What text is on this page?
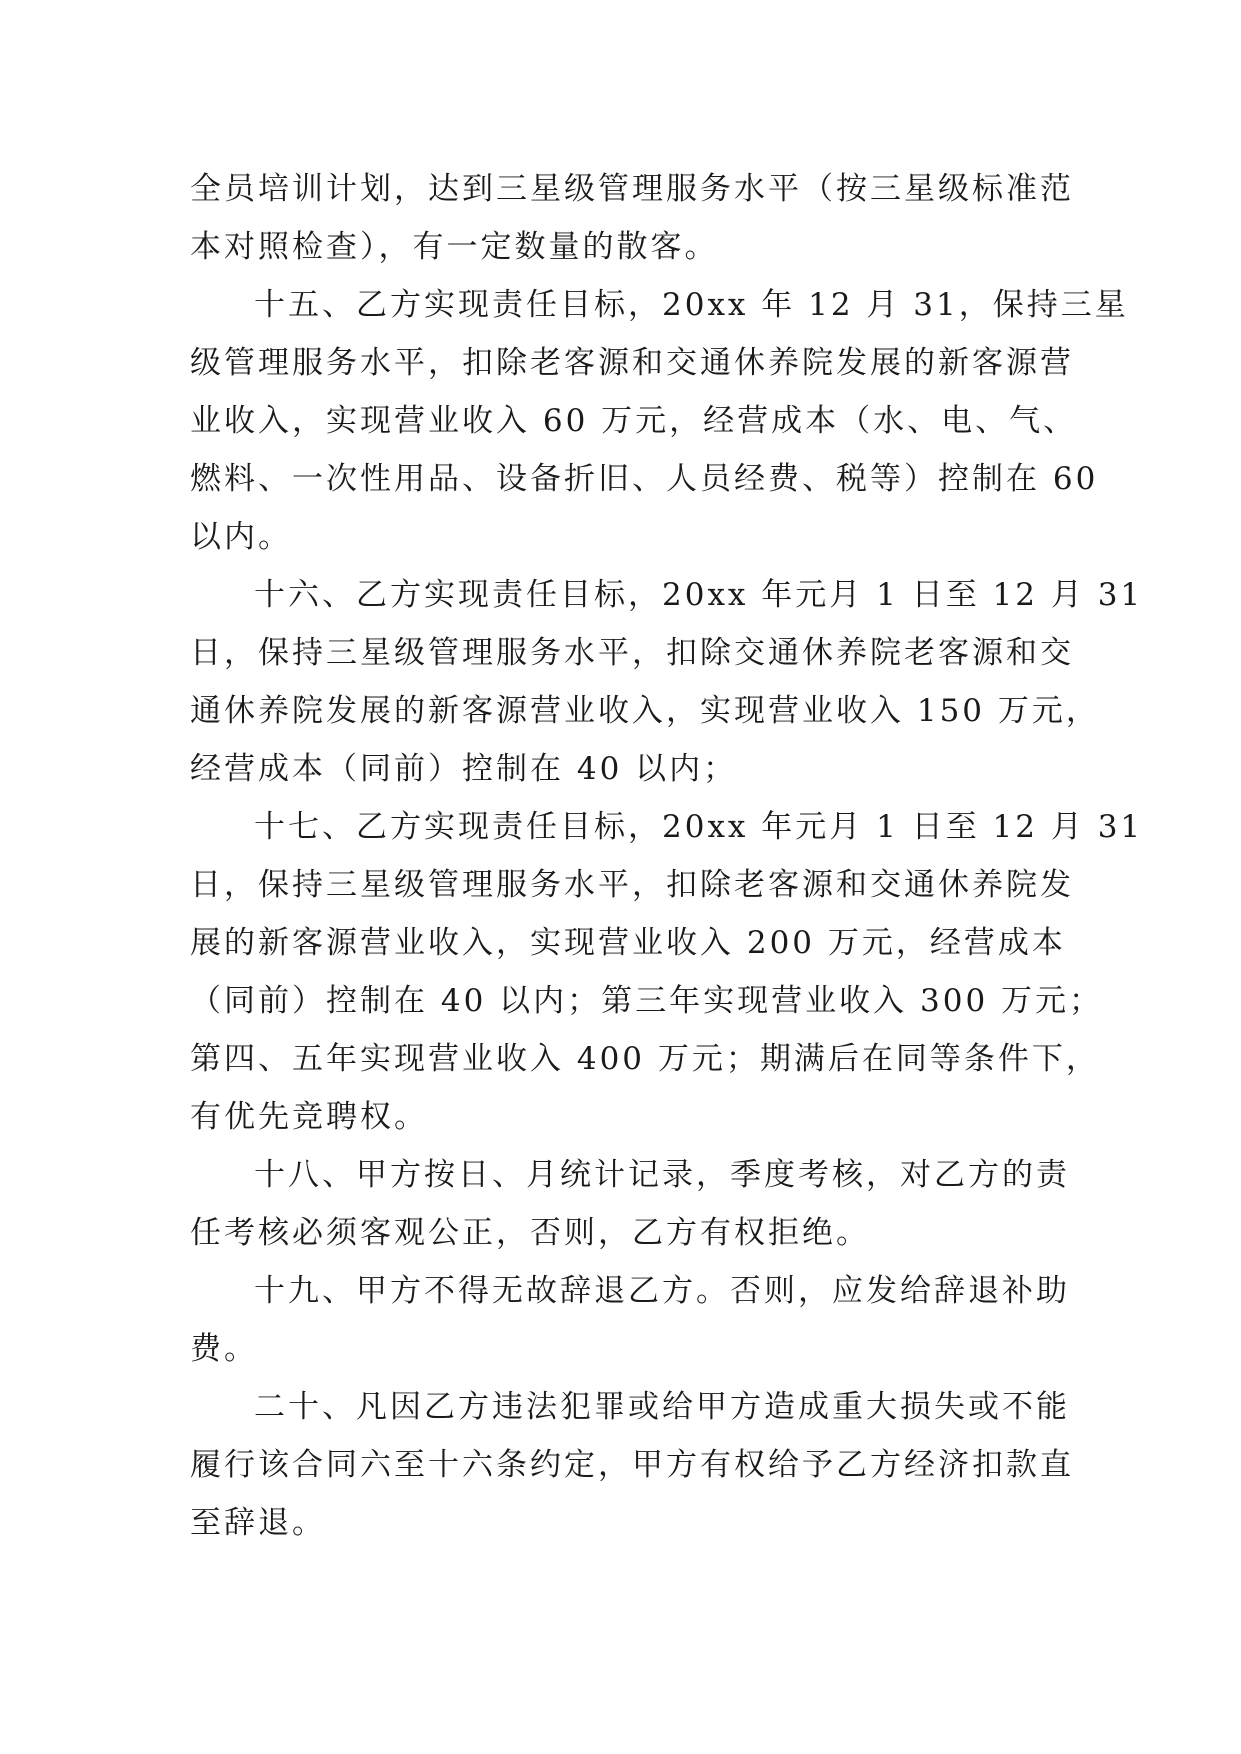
全员培训计划，达到三星级管理服务水平（按三星级标准范
本对照检查），有一定数量的散客。
十五、乙方实现责任目标，20xx 年 12 月 31，保持三星
级管理服务水平，扣除老客源和交通休养院发展的新客源营
业收入，实现营业收入 60 万元，经营成本（水、电、气、
燃料、一次性用品、设备折旧、人员经费、税等）控制在 60
以内。
十六、乙方实现责任目标，20xx 年元月 1 日至 12 月 31
日，保持三星级管理服务水平，扣除交通休养院老客源和交
通休养院发展的新客源营业收入，实现营业收入 150 万元，
经营成本（同前）控制在 40 以内；
十七、乙方实现责任目标，20xx 年元月 1 日至 12 月 31
日，保持三星级管理服务水平，扣除老客源和交通休养院发
展的新客源营业收入，实现营业收入 200 万元，经营成本
（同前）控制在 40 以内；第三年实现营业收入 300 万元；
第四、五年实现营业收入 400 万元；期满后在同等条件下，
有优先竞聘权。
十八、甲方按日、月统计记录，季度考核，对乙方的责
任考核必须客观公正，否则，乙方有权拒绝。
十九、甲方不得无故辞退乙方。否则，应发给辞退补助
费。
二十、凡因乙方违法犯罪或给甲方造成重大损失或不能
履行该合同六至十六条约定，甲方有权给予乙方经济扣款直
至辞退。
